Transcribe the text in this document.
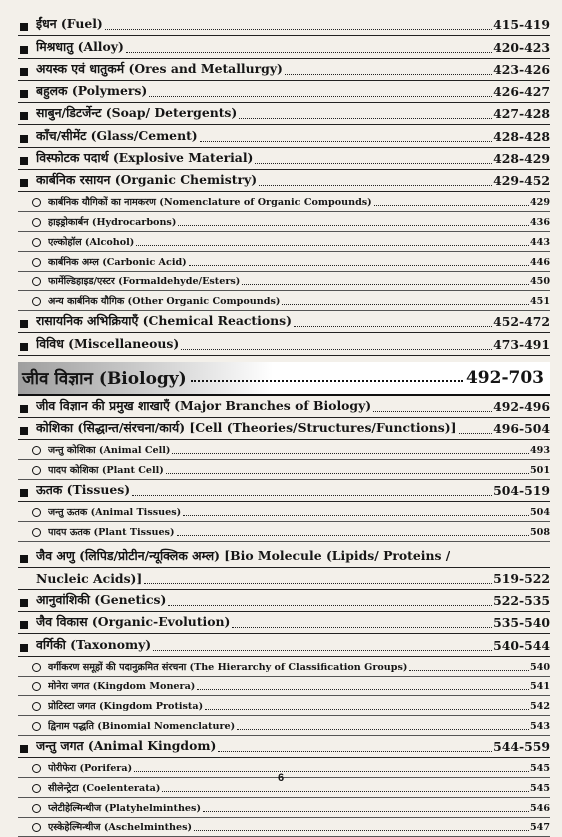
ईंधन (Fuel)	415-419
मिश्रधातु (Alloy)	420-423
अयस्क एवं धातुकर्म (Ores and Metallurgy)	423-426
बहुलक (Polymers)	426-427
साबुन/डिटर्जेन्ट (Soap/ Detergents)	427-428
काँच/सीमेंट (Glass/Cement)	428-428
विस्फोटक पदार्थ (Explosive Material)	428-429
कार्बनिक रसायन (Organic Chemistry)	429-452
कार्बनिक यौगिकों का नामकरण (Nomenclature of Organic Compounds)	429
हाइड्रोकार्बन (Hydrocarbons)	436
एल्कोहॉल (Alcohol)	443
कार्बनिक अम्ल (Carbonic Acid)	446
फार्मेल्डिहाइड/एस्टर (Formaldehyde/Esters)	450
अन्य कार्बनिक यौगिक (Other Organic Compounds)	451
रासायनिक अभिक्रियाएँ (Chemical Reactions)	452-472
विविध (Miscellaneous)	473-491
जीव विज्ञान (Biology)	492-703
जीव विज्ञान की प्रमुख शाखाएँ (Major Branches of Biology)	492-496
कोशिका (सिद्धान्त/संरचना/कार्य) [Cell (Theories/Structures/Functions)]	496-504
जन्तु कोशिका (Animal Cell)	493
पादप कोशिका (Plant Cell)	501
ऊतक (Tissues)	504-519
जन्तु ऊतक (Animal Tissues)	504
पादप ऊतक (Plant Tissues)	508
जैव अणु (लिपिड/प्रोटीन/न्यूक्लिक अम्ल) [Bio Molecule (Lipids/ Proteins /
Nucleic Acids)]	519-522
आनुवांशिकी (Genetics)	522-535
जैव विकास (Organic-Evolution)	535-540
वर्गिकी (Taxonomy)	540-544
वर्गीकरण समूहों की पदानुक्रमित संरचना (The Hierarchy of Classification Groups)	540
मोनेरा जगत (Kingdom Monera)	541
प्रोटिस्टा जगत (Kingdom Protista)	542
द्विनाम पद्धति (Binomial Nomenclature)	543
जन्तु जगत (Animal Kingdom)	544-559
पोरीफेरा (Porifera)	545
सीलेन्ट्रेटा (Coelenterata)	545
प्लेटीहेल्मिन्थीज (Platyhelminthes)	546
एस्केहेल्मिन्थीज (Aschelminthes)	547
6
